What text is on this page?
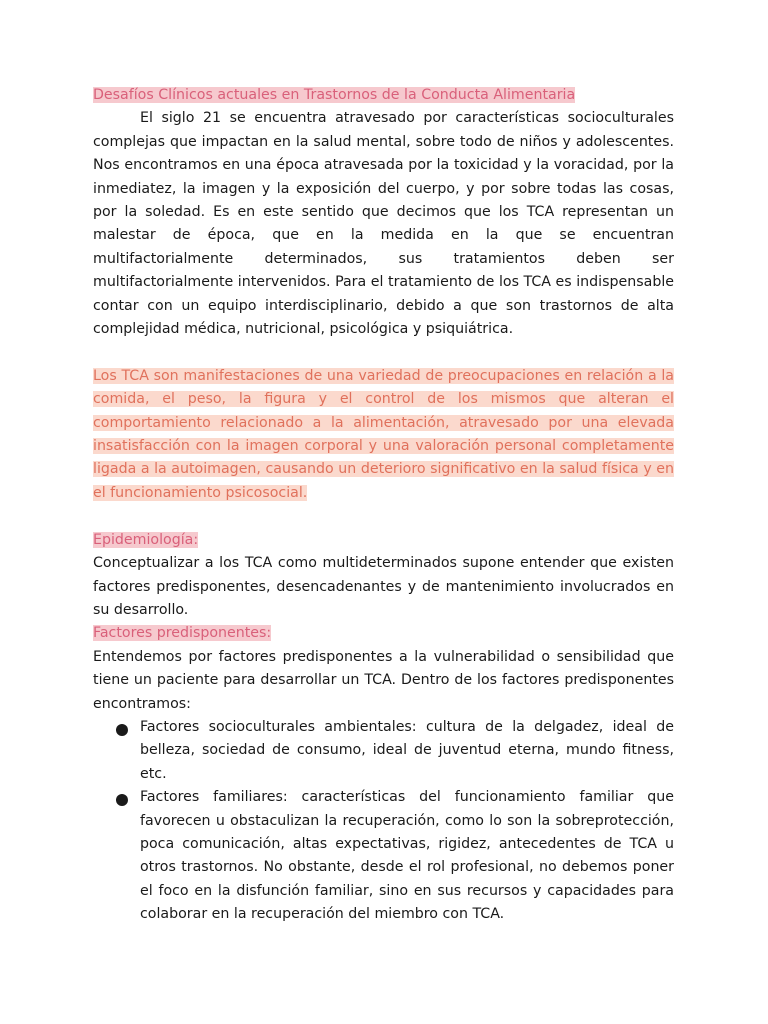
Desafíos Clínicos actuales en Trastornos de la Conducta Alimentaria

El siglo 21 se encuentra atravesado por características socioculturales complejas que impactan en la salud mental, sobre todo de niños y adolescentes. Nos encontramos en una época atravesada por la toxicidad y la voracidad, por la inmediatez, la imagen y la exposición del cuerpo, y por sobre todas las cosas, por la soledad. Es en este sentido que decimos que los TCA representan un malestar de época, que en la medida en la que se encuentran multifactorialmente determinados, sus tratamientos deben ser multifactorialmente intervenidos. Para el tratamiento de los TCA es indispensable contar con un equipo interdisciplinario, debido a que son trastornos de alta complejidad médica, nutricional, psicológica y psiquiátrica.

Los TCA son manifestaciones de una variedad de preocupaciones en relación a la comida, el peso, la figura y el control de los mismos que alteran el comportamiento relacionado a la alimentación, atravesado por una elevada insatisfacción con la imagen corporal y una valoración personal completamente ligada a la autoimagen, causando un deterioro significativo en la salud física y en el funcionamiento psicosocial.

Epidemiología:

Conceptualizar a los TCA como multideterminados supone entender que existen factores predisponentes, desencadenantes y de mantenimiento involucrados en su desarrollo.

Factores predisponentes:

Entendemos por factores predisponentes a la vulnerabilidad o sensibilidad que tiene un paciente para desarrollar un TCA. Dentro de los factores predisponentes encontramos:

Factores socioculturales ambientales: cultura de la delgadez, ideal de belleza, sociedad de consumo, ideal de juventud eterna, mundo fitness, etc.
Factores familiares: características del funcionamiento familiar que favorecen u obstaculizan la recuperación, como lo son la sobreprotección, poca comunicación, altas expectativas, rigidez, antecedentes de TCA u otros trastornos. No obstante, desde el rol profesional, no debemos poner el foco en la disfunción familiar, sino en sus recursos y capacidades para colaborar en la recuperación del miembro con TCA.
